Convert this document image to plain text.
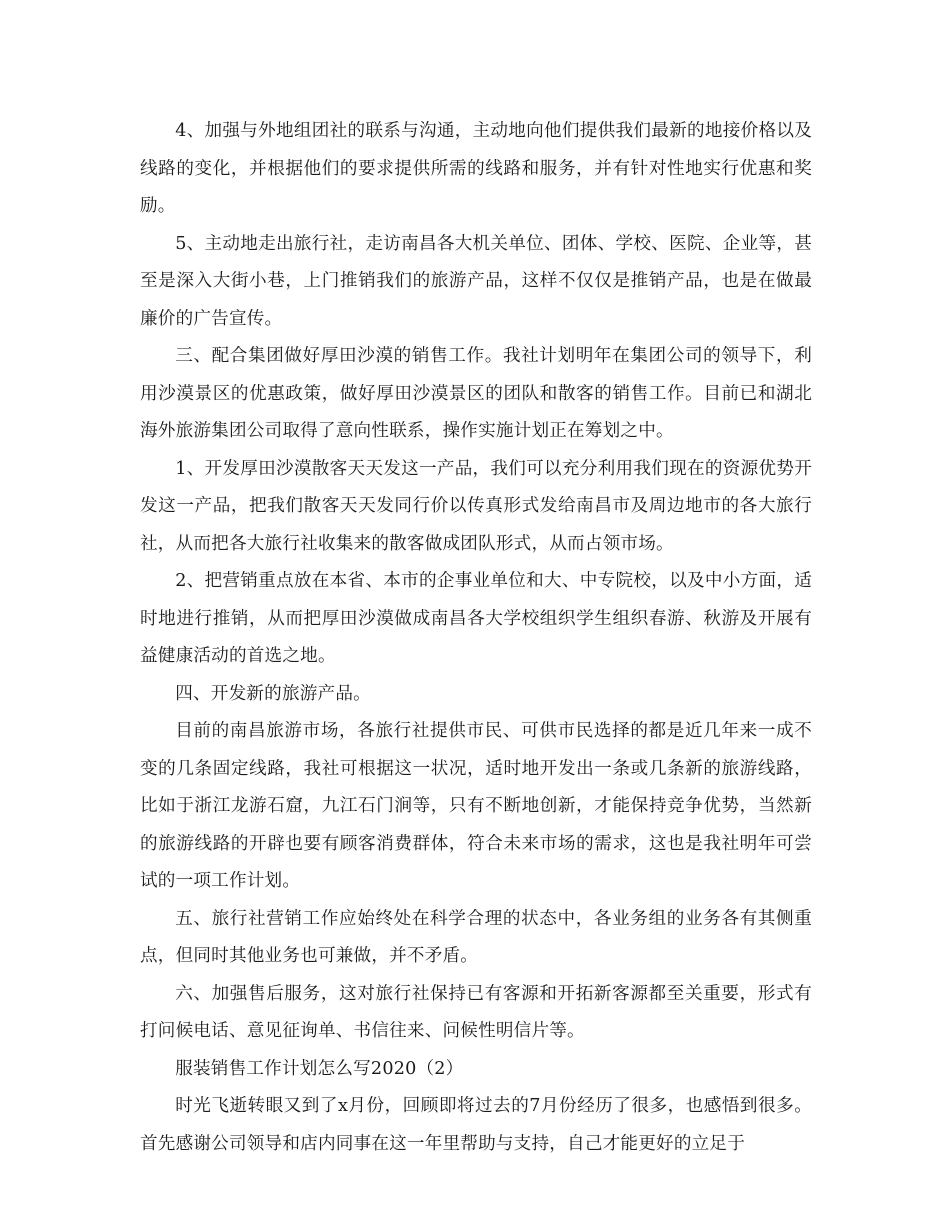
4、加强与外地组团社的联系与沟通，主动地向他们提供我们最新的地接价格以及线路的变化，并根据他们的要求提供所需的线路和服务，并有针对性地实行优惠和奖励。

5、主动地走出旅行社，走访南昌各大机关单位、团体、学校、医院、企业等，甚至是深入大街小巷，上门推销我们的旅游产品，这样不仅仅是推销产品，也是在做最廉价的广告宣传。

三、配合集团做好厚田沙漠的销售工作。我社计划明年在集团公司的领导下，利用沙漠景区的优惠政策，做好厚田沙漠景区的团队和散客的销售工作。目前已和湖北海外旅游集团公司取得了意向性联系，操作实施计划正在筹划之中。

1、开发厚田沙漠散客天天发这一产品，我们可以充分利用我们现在的资源优势开发这一产品，把我们散客天天发同行价以传真形式发给南昌市及周边地市的各大旅行社，从而把各大旅行社收集来的散客做成团队形式，从而占领市场。

2、把营销重点放在本省、本市的企事业单位和大、中专院校，以及中小方面，适时地进行推销，从而把厚田沙漠做成南昌各大学校组织学生组织春游、秋游及开展有益健康活动的首选之地。

四、开发新的旅游产品。

目前的南昌旅游市场，各旅行社提供市民、可供市民选择的都是近几年来一成不变的几条固定线路，我社可根据这一状况，适时地开发出一条或几条新的旅游线路，比如于浙江龙游石窟，九江石门涧等，只有不断地创新，才能保持竞争优势，当然新的旅游线路的开辟也要有顾客消费群体，符合未来市场的需求，这也是我社明年可尝试的一项工作计划。

五、旅行社营销工作应始终处在科学合理的状态中，各业务组的业务各有其侧重点，但同时其他业务也可兼做，并不矛盾。

六、加强售后服务，这对旅行社保持已有客源和开拓新客源都至关重要，形式有打问候电话、意见征询单、书信往来、问候性明信片等。

服装销售工作计划怎么写2020（2）

时光飞逝转眼又到了x月份，回顾即将过去的7月份经历了很多，也感悟到很多。首先感谢公司领导和店内同事在这一年里帮助与支持，自己才能更好的立足于
